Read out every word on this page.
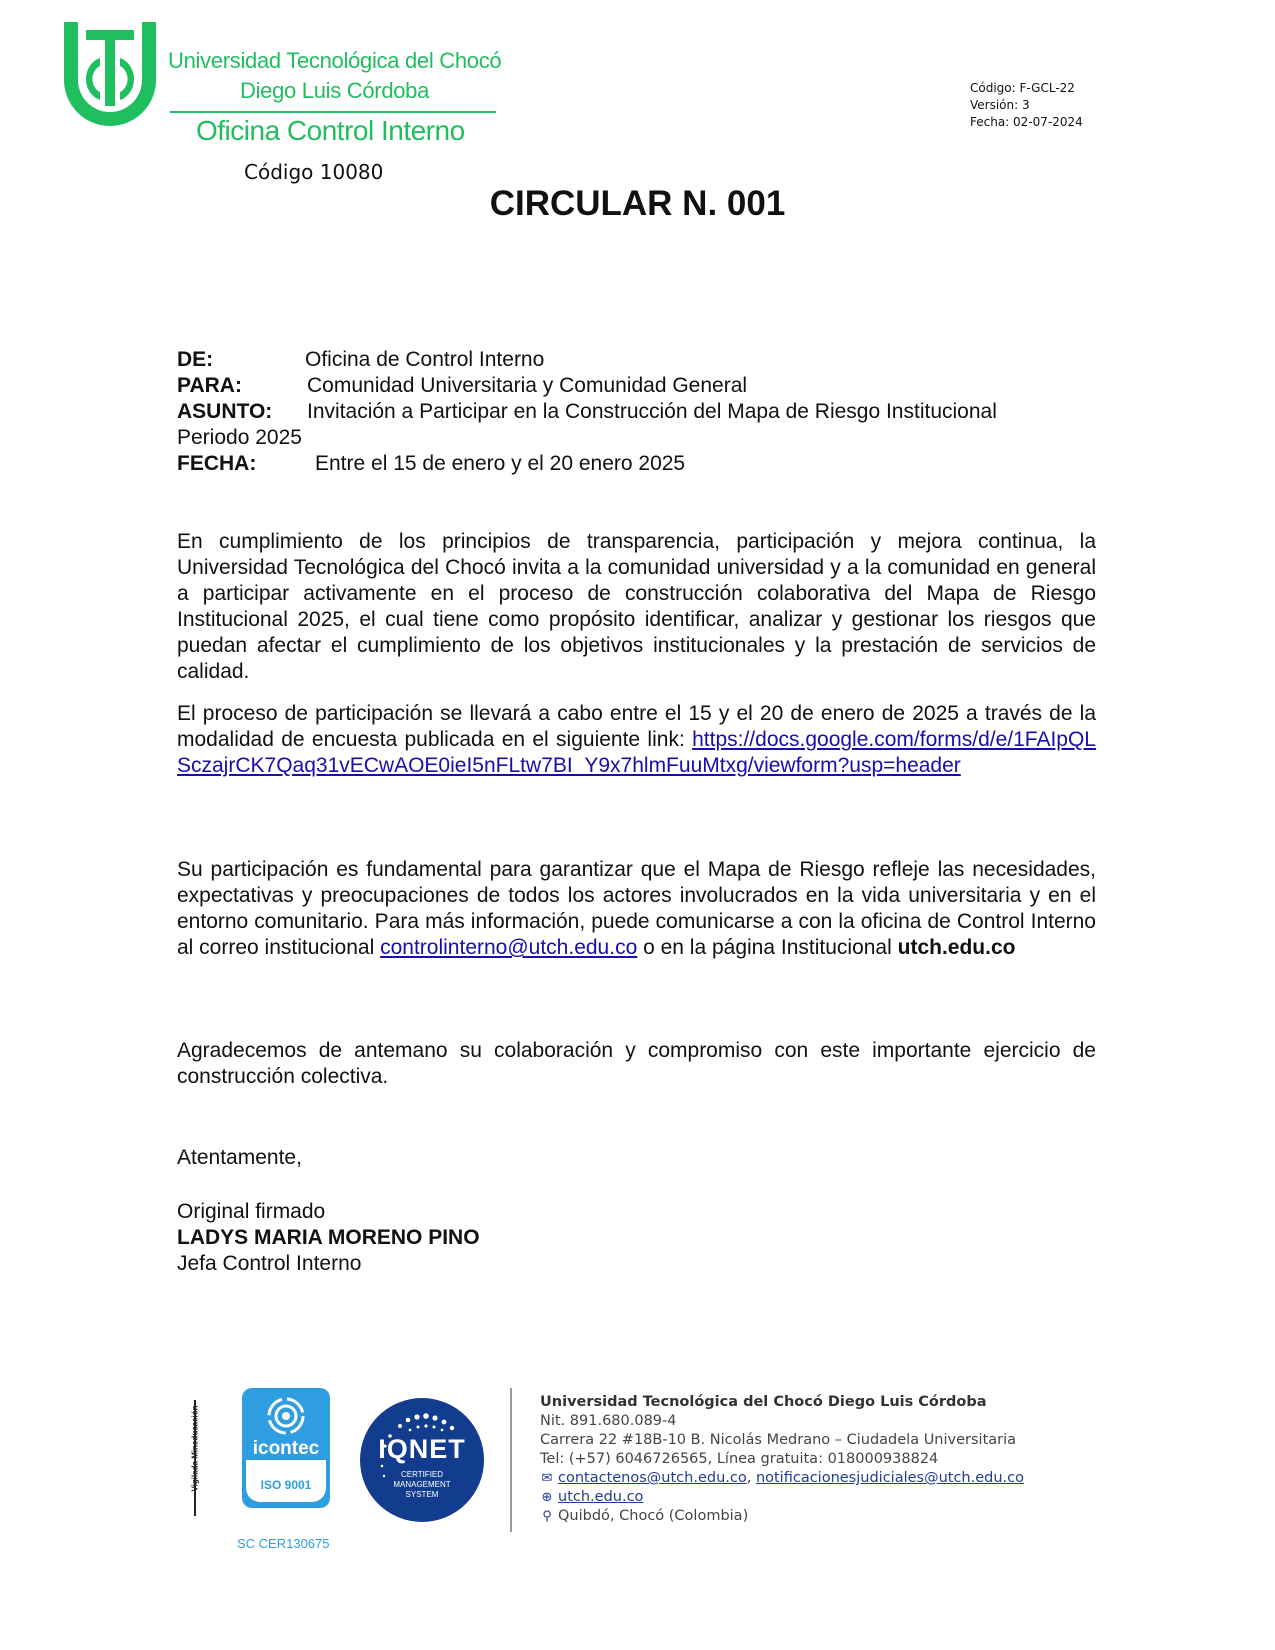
Universidad Tecnológica del Chocó
Diego Luis Córdoba
Oficina Control Interno
Código 10080
Código: F-GCL-22
Versión: 3
Fecha: 02-07-2024
CIRCULAR N. 001
DE:	Oficina de Control Interno
PARA:	Comunidad Universitaria y Comunidad General
ASUNTO: Invitación a Participar en la Construcción del Mapa de Riesgo Institucional
Periodo 2025
FECHA:	Entre el 15 de enero y el 20 enero 2025
En cumplimiento de los principios de transparencia, participación y mejora continua, la Universidad Tecnológica del Chocó invita a la comunidad universidad y a la comunidad en general a participar activamente en el proceso de construcción colaborativa del Mapa de Riesgo Institucional 2025, el cual tiene como propósito identificar, analizar y gestionar los riesgos que puedan afectar el cumplimiento de los objetivos institucionales y la prestación de servicios de calidad.
El proceso de participación se llevará a cabo entre el 15 y el 20 de enero de 2025 a través de la modalidad de encuesta publicada en el siguiente link: https://docs.google.com/forms/d/e/1FAIpQLSczajrCK7Qaq31vECwAOE0ieI5nFLtw7BI_Y9x7hlmFuuMtxg/viewform?usp=header
Su participación es fundamental para garantizar que el Mapa de Riesgo refleje las necesidades, expectativas y preocupaciones de todos los actores involucrados en la vida universitaria y en el entorno comunitario. Para más información, puede comunicarse a con la oficina de Control Interno al correo institucional controlinterno@utch.edu.co o en la página Institucional utch.edu.co
Agradecemos de antemano su colaboración y compromiso con este importante ejercicio de construcción colectiva.
Atentamente,
Original firmado
LADYS MARIA MORENO PINO
Jefa Control Interno
Vigilada Mineducación	icontec
ISO 9001
SC CER130675
IQNET
CERTIFIED
MANAGEMENT
SYSTEM
Universidad Tecnológica del Chocó Diego Luis Córdoba
Nit. 891.680.089-4
Carrera 22 #18B-10 B. Nicolás Medrano – Ciudadela Universitaria
Tel: (+57) 6046726565, Línea gratuita: 018000938824
✉ contactenos@utch.edu.co, notificacionesjudiciales@utch.edu.co
⊕ utch.edu.co
⚲ Quibdó, Chocó (Colombia)
